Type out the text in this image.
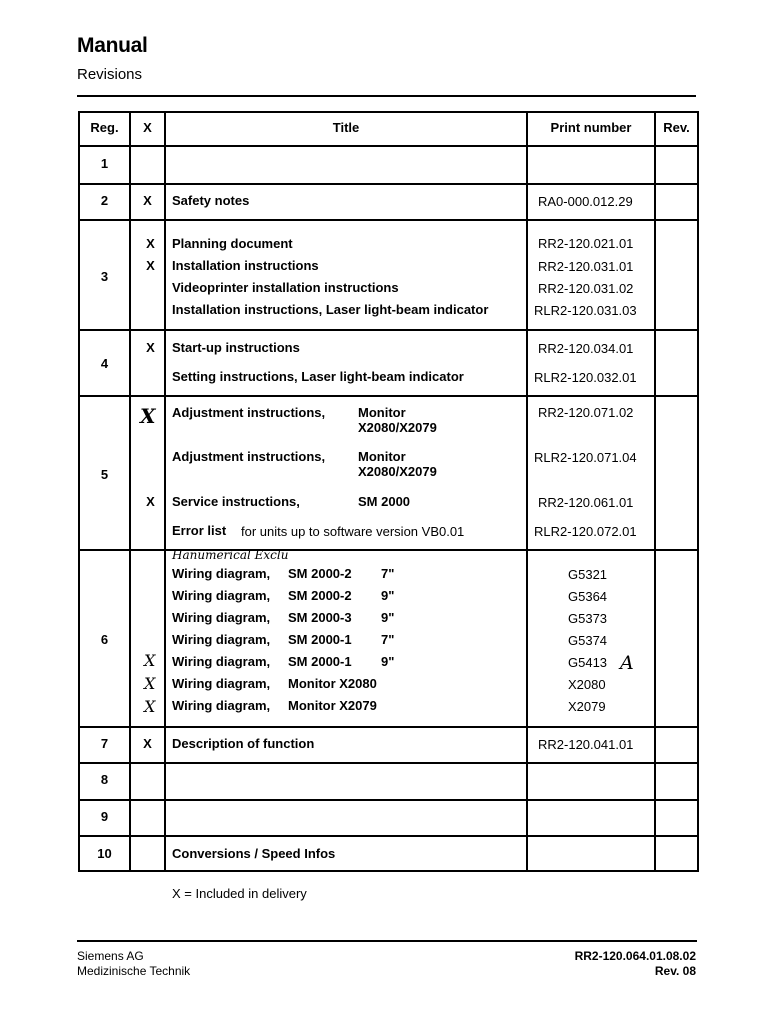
Manual
Revisions
Reg.	X	Title	Print number	Rev.
1
2	X	Safety notes	RA0-000.012.29
3
X	Planning document	RR2-120.021.01
X	Installation instructions	RR2-120.031.01
Videoprinter installation instructions	RR2-120.031.02
Installation instructions, Laser light-beam indicator	RLR2-120.031.03
4
X	Start-up instructions	RR2-120.034.01
Setting instructions, Laser light-beam indicator	RLR2-120.032.01
5
X Adjustment instructions,	Monitor
X2080/X2079
RR2-120.071.02
Adjustment instructions,	Monitor
X2080/X2079
RLR2-120.071.04
X	Service instructions,	SM 2000	RR2-120.061.01
Error list for units up to software version VB0.01	RLR2-120.072.01
6
Hanumerical Exclu
Wiring diagram, SM 2000-2 7"	G5321
Wiring diagram, SM 2000-2 9"	G5364
Wiring diagram, SM 2000-3 9"	G5373
Wiring diagram, SM 2000-1 7"	G5374
X Wiring diagram, SM 2000-1 9"	G5413 A
X Wiring diagram, Monitor X2080	X2080
X Wiring diagram, Monitor X2079	X2079
7	X	Description of function	RR2-120.041.01
8
9
10	Conversions / Speed Infos
X = Included in delivery
Siemens AG
Medizinische Technik
RR2-120.064.01.08.02
Rev. 08
